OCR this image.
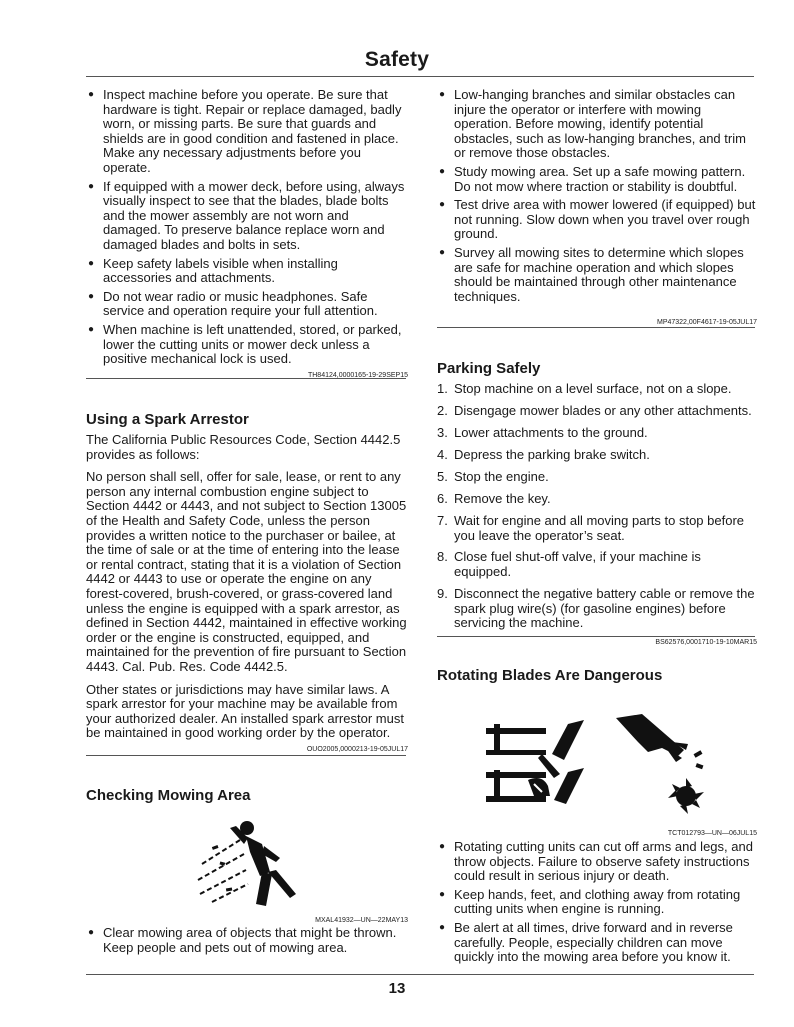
Safety
● Inspect machine before you operate. Be sure that hardware is tight. Repair or replace damaged, badly worn, or missing parts. Be sure that guards and shields are in good condition and fastened in place. Make any necessary adjustments before you operate.
● If equipped with a mower deck, before using, always visually inspect to see that the blades, blade bolts and the mower assembly are not worn and damaged. To preserve balance replace worn and damaged blades and bolts in sets.
● Keep safety labels visible when installing accessories and attachments.
● Do not wear radio or music headphones. Safe service and operation require your full attention.
● When machine is left unattended, stored, or parked, lower the cutting units or mower deck unless a positive mechanical lock is used.

TH84124,0000165-19-29SEP15

Using a Spark Arrestor

The California Public Resources Code, Section 4442.5 provides as follows:

No person shall sell, offer for sale, lease, or rent to any person any internal combustion engine subject to Section 4442 or 4443, and not subject to Section 13005 of the Health and Safety Code, unless the person provides a written notice to the purchaser or bailee, at the time of sale or at the time of entering into the lease or rental contract, stating that it is a violation of Section 4442 or 4443 to use or operate the engine on any forest-covered, brush-covered, or grass-covered land unless the engine is equipped with a spark arrestor, as defined in Section 4442, maintained in effective working order or the engine is constructed, equipped, and maintained for the prevention of fire pursuant to Section 4443. Cal. Pub. Res. Code 4442.5.

Other states or jurisdictions may have similar laws. A spark arrestor for your machine may be available from your authorized dealer. An installed spark arrestor must be maintained in good working order by the operator.

OUO2005,0000213-19-05JUL17

Checking Mowing Area

MXAL41932—UN—22MAY13

● Clear mowing area of objects that might be thrown. Keep people and pets out of mowing area.
● Low-hanging branches and similar obstacles can injure the operator or interfere with mowing operation. Before mowing, identify potential obstacles, such as low-hanging branches, and trim or remove those obstacles.
● Study mowing area. Set up a safe mowing pattern. Do not mow where traction or stability is doubtful.
● Test drive area with mower lowered (if equipped) but not running. Slow down when you travel over rough ground.
● Survey all mowing sites to determine which slopes are safe for machine operation and which slopes should be maintained through other maintenance techniques.

MP47322,00F4617-19-05JUL17

Parking Safely
1. Stop machine on a level surface, not on a slope.
2. Disengage mower blades or any other attachments.
3. Lower attachments to the ground.
4. Depress the parking brake switch.
5. Stop the engine.
6. Remove the key.
7. Wait for engine and all moving parts to stop before you leave the operator’s seat.
8. Close fuel shut-off valve, if your machine is equipped.
9. Disconnect the negative battery cable or remove the spark plug wire(s) (for gasoline engines) before servicing the machine.

BS62576,0001710-19-10MAR15

Rotating Blades Are Dangerous

TCT012793—UN—06JUL15

● Rotating cutting units can cut off arms and legs, and throw objects. Failure to observe safety instructions could result in serious injury or death.
● Keep hands, feet, and clothing away from rotating cutting units when engine is running.
● Be alert at all times, drive forward and in reverse carefully. People, especially children can move quickly into the mowing area before you know it.
13
